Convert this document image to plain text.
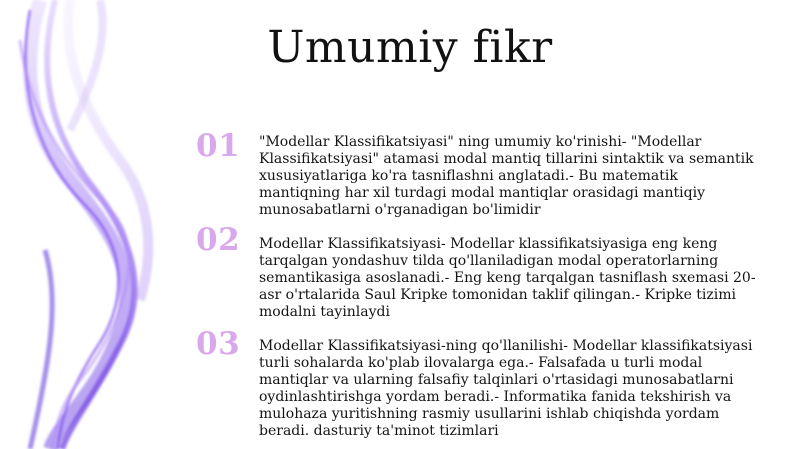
Umumiy fikr
01	"Modellar Klassifikatsiyasi" ning umumiy ko'rinishi- "Modellar Klassifikatsiyasi" atamasi modal mantiq tillarini sintaktik va semantik xususiyatlariga ko'ra tasniflashni anglatadi.- Bu matematik mantiqning har xil turdagi modal mantiqlar orasidagi mantiqiy munosabatlarni o'rganadigan bo'limidir
02	Modellar Klassifikatsiyasi- Modellar klassifikatsiyasiga eng keng tarqalgan yondashuv tilda qo'llaniladigan modal operatorlarning semantikasiga asoslanadi.- Eng keng tarqalgan tasniflash sxemasi 20-asr o'rtalarida Saul Kripke tomonidan taklif qilingan.- Kripke tizimi modalni tayinlaydi
03	Modellar Klassifikatsiyasi-ning qo'llanilishi- Modellar klassifikatsiyasi turli sohalarda ko'plab ilovalarga ega.- Falsafada u turli modal mantiqlar va ularning falsafiy talqinlari o'rtasidagi munosabatlarni oydinlashtirishga yordam beradi.- Informatika fanida tekshirish va mulohaza yuritishning rasmiy usullarini ishlab chiqishda yordam beradi. dasturiy ta'minot tizimlari
